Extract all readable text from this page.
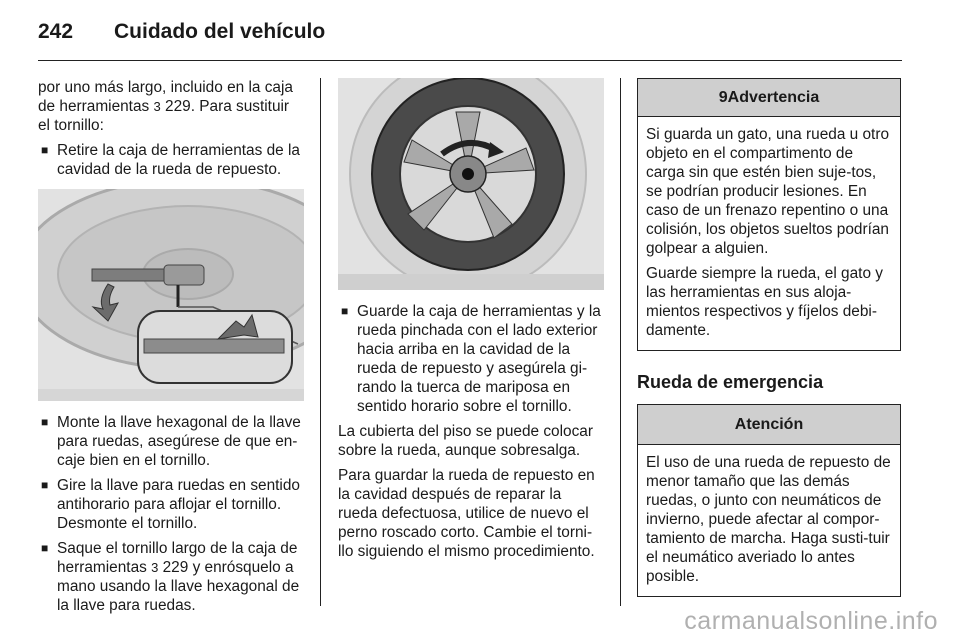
242	Cuidado del vehículo

por uno más largo, incluido en la caja de herramientas 3 229. Para sustituir el tornillo:

■ Retire la caja de herramientas de la cavidad de la rueda de repuesto.
■ Monte la llave hexagonal de la llave para ruedas, asegúrese de que en-caje bien en el tornillo.
■ Gire la llave para ruedas en sentido antihorario para aflojar el tornillo. Desmonte el tornillo.
■ Saque el tornillo largo de la caja de herramientas 3 229 y enrósquelo a mano usando la llave hexagonal de la llave para ruedas.
■ Guarde la caja de herramientas y la rueda pinchada con el lado exterior hacia arriba en la cavidad de la rueda de repuesto y asegúrela gi-rando la tuerca de mariposa en sentido horario sobre el tornillo.

La cubierta del piso se puede colocar sobre la rueda, aunque sobresalga.

Para guardar la rueda de repuesto en la cavidad después de reparar la rueda defectuosa, utilice de nuevo el perno roscado corto. Cambie el torni-llo siguiendo el mismo procedimiento.

9Advertencia

Si guarda un gato, una rueda u otro objeto en el compartimento de carga sin que estén bien suje-tos, se podrían producir lesiones. En caso de un frenazo repentino o una colisión, los objetos sueltos podrían golpear a alguien.

Guarde siempre la rueda, el gato y las herramientas en sus aloja-mientos respectivos y fíjelos debi-damente.

Rueda de emergencia
Atención

El uso de una rueda de repuesto de menor tamaño que las demás ruedas, o junto con neumáticos de invierno, puede afectar al compor-tamiento de marcha. Haga susti-tuir el neumático averiado lo antes posible.

carmanualsonline.info
